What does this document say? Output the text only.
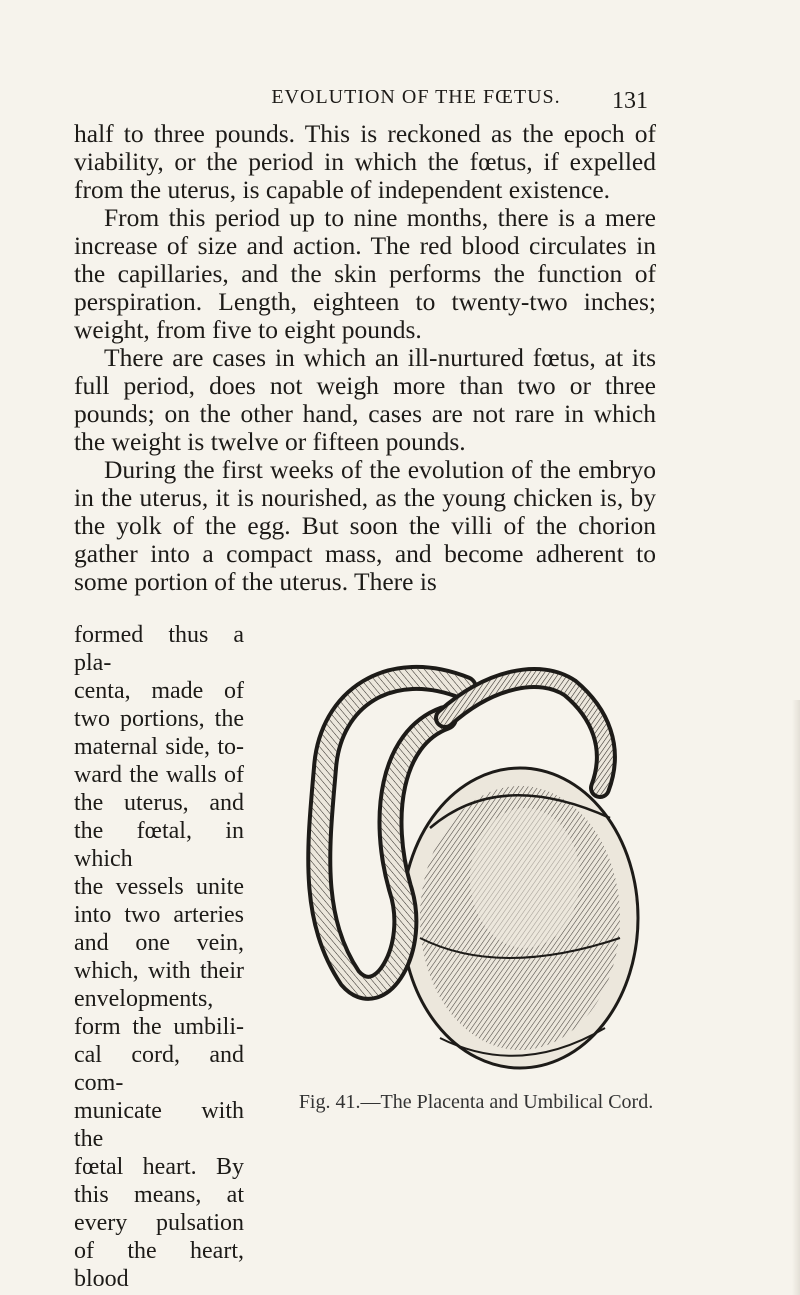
EVOLUTION OF THE FŒTUS.	131

half to three pounds. This is reckoned as the epoch of viability, or the period in which the fœtus, if expelled from the uterus, is capable of independent existence.

From this period up to nine months, there is a mere increase of size and action. The red blood circulates in the capillaries, and the skin performs the function of perspiration. Length, eighteen to twenty-two inches; weight, from five to eight pounds.

There are cases in which an ill-nurtured fœtus, at its full period, does not weigh more than two or three pounds; on the other hand, cases are not rare in which the weight is twelve or fifteen pounds.

During the first weeks of the evolution of the embryo in the uterus, it is nourished, as the young chicken is, by the yolk of the egg. But soon the villi of the chorion gather into a compact mass, and become adherent to some portion of the uterus. There is

formed thus a pla-

centa, made of

two portions, the

maternal side, to-

ward the walls of

the uterus, and

the fœtal, in which

the vessels unite

into two arteries

and one vein,

which, with their

envelopments,

form the umbili-

cal cord, and com-

municate with the

fœtal heart. By

this means, at

every pulsation

of the heart, blood

Fig. 41.—The Placenta and Umbilical Cord.
